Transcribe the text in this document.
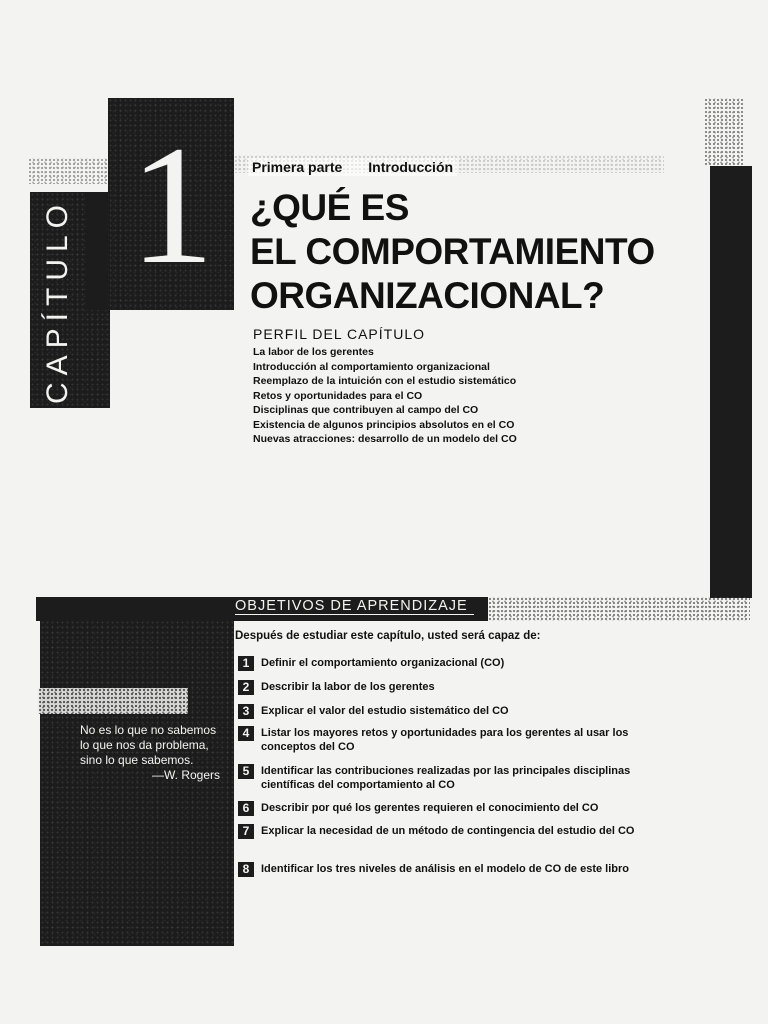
CAPÍTULO 1	Primera parte Introducción
¿QUÉ ES
EL COMPORTAMIENTO
ORGANIZACIONAL?
PERFIL DEL CAPÍTULO
La labor de los gerentes
Introducción al comportamiento organizacional
Reemplazo de la intuición con el estudio sistemático
Retos y oportunidades para el CO
Disciplinas que contribuyen al campo del CO
Existencia de algunos principios absolutos en el CO
Nuevas atracciones: desarrollo de un modelo del CO
OBJETIVOS DE APRENDIZAJE
Después de estudiar este capítulo, usted será capaz de:
1	Definir el comportamiento organizacional (CO)
2	Describir la labor de los gerentes
3	Explicar el valor del estudio sistemático del CO
4	Listar los mayores retos y oportunidades para los gerentes al usar los conceptos del CO
5	Identificar las contribuciones realizadas por las principales disciplinas científicas del comportamiento al CO
6	Describir por qué los gerentes requieren el conocimiento del CO
7	Explicar la necesidad de un método de contingencia del estudio del CO
8	Identificar los tres niveles de análisis en el modelo de CO de este libro
No es lo que no sabemos lo que nos da problema, sino lo que sabemos.
—W. Rogers
